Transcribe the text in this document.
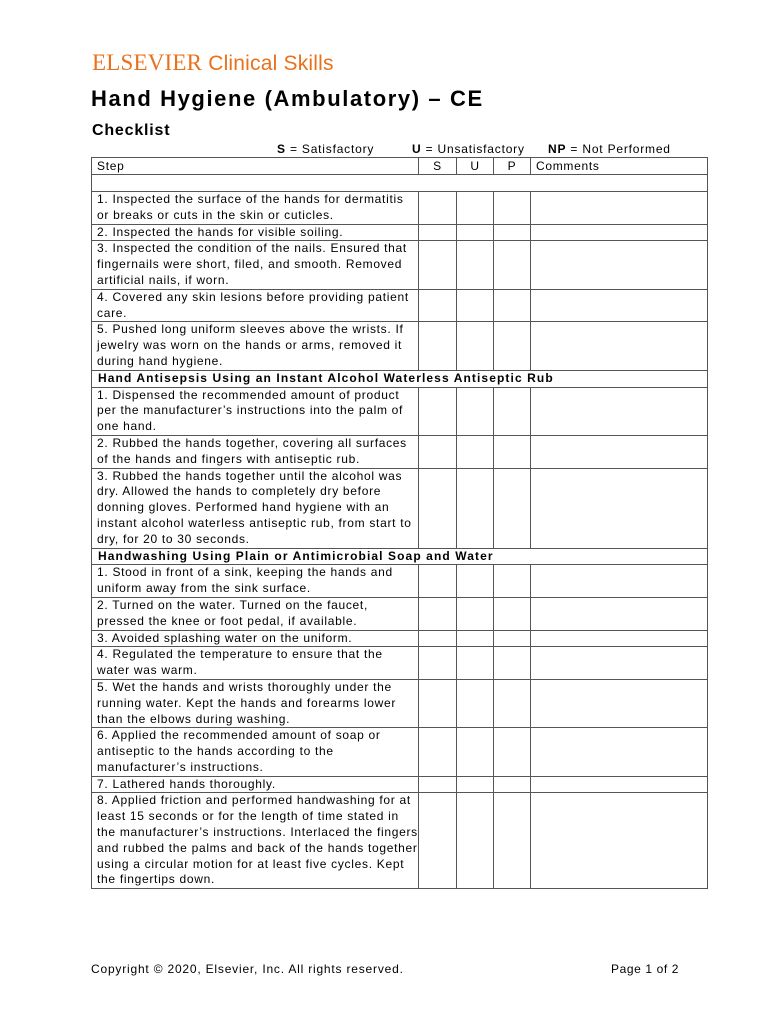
ELSEVIER Clinical Skills
Hand Hygiene (Ambulatory) – CE
Checklist
S = Satisfactory	U = Unsatisfactory NP = Not Performed
Step	S	U	P	Comments

1. Inspected the surface of the hands for dermatitis or breaks or cuts in the skin or cuticles.				
2. Inspected the hands for visible soiling.				
3. Inspected the condition of the nails. Ensured that fingernails were short, filed, and smooth. Removed artificial nails, if worn.				
4. Covered any skin lesions before providing patient care.				
5. Pushed long uniform sleeves above the wrists. If jewelry was worn on the hands or arms, removed it during hand hygiene.				
Hand Antisepsis Using an Instant Alcohol Waterless Antiseptic Rub				
1. Dispensed the recommended amount of product per the manufacturer’s instructions into the palm of one hand.				
2. Rubbed the hands together, covering all surfaces of the hands and fingers with antiseptic rub.				
3. Rubbed the hands together until the alcohol was dry. Allowed the hands to completely dry before donning gloves. Performed hand hygiene with an instant alcohol waterless antiseptic rub, from start to dry, for 20 to 30 seconds.				
Handwashing Using Plain or Antimicrobial Soap and Water				
1. Stood in front of a sink, keeping the hands and uniform away from the sink surface.				
2. Turned on the water. Turned on the faucet, pressed the knee or foot pedal, if available.				
3. Avoided splashing water on the uniform.				
4. Regulated the temperature to ensure that the water was warm.				
5. Wet the hands and wrists thoroughly under the running water. Kept the hands and forearms lower than the elbows during washing.				
6. Applied the recommended amount of soap or antiseptic to the hands according to the manufacturer’s instructions.				
7. Lathered hands thoroughly.				
8. Applied friction and performed handwashing for at least 15 seconds or for the length of time stated in the manufacturer’s instructions. Interlaced the fingers and rubbed the palms and back of the hands together using a circular motion for at least five cycles. Kept the fingertips down.				
Copyright © 2020, Elsevier, Inc. All rights reserved.	Page 1 of 2
